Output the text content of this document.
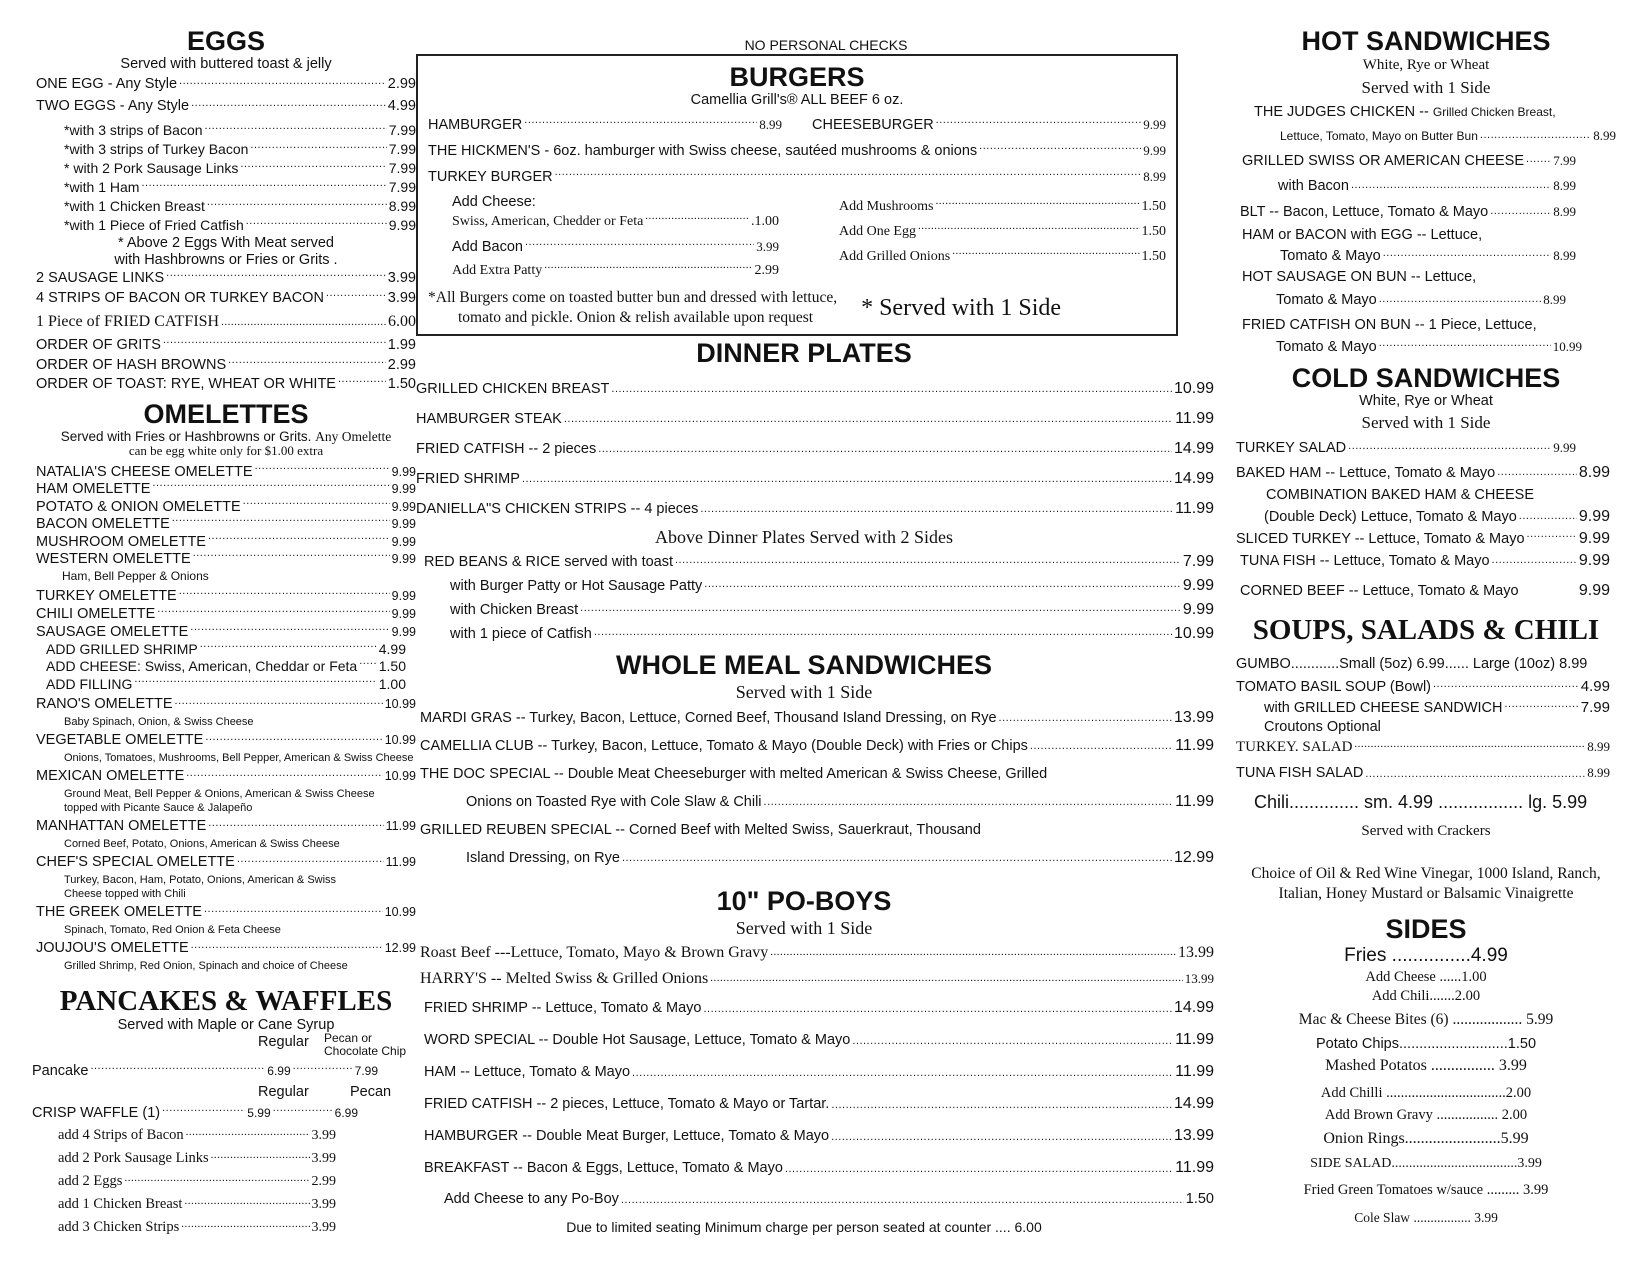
EGGS
Served with buttered toast & jelly
ONE EGG - Any Style .....	2.99
TWO EGGS - Any Style .....	4.99
*with 3 strips of Bacon .....	7.99
*with 3 strips of Turkey Bacon .....	7.99
* with 2 Pork Sausage Links .....	7.99
*with 1 Ham .....	7.99
*with 1 Chicken Breast .....	8.99
*with 1 Piece of Fried Catfish .....	9.99
* Above 2 Eggs With Meat served
with Hashbrowns or Fries or Grits .
2 SAUSAGE LINKS .....	3.99
4 STRIPS OF BACON OR TURKEY BACON .....	3.99
1 Piece of FRIED CATFISH .....	6.00
ORDER OF GRITS .....	1.99
ORDER OF HASH BROWNS .....	2.99
ORDER OF TOAST: RYE, WHEAT OR WHITE .....	1.50
OMELETTES
Served with Fries or Hashbrowns or Grits. Any Omelette
can be egg white only for $1.00 extra
NATALIA'S CHEESE OMELETTE .....	9.99
HAM OMELETTE .....	9.99
POTATO & ONION OMELETTE .....	9.99
BACON OMELETTE .....	9.99
MUSHROOM OMELETTE .....	9.99
WESTERN OMELETTE .....	9.99
Ham, Bell Pepper & Onions
TURKEY OMELETTE .....	9.99
CHILI OMELETTE .....	9.99
SAUSAGE OMELETTE .....	9.99
ADD GRILLED SHRIMP .....	4.99
ADD CHEESE: Swiss, American, Cheddar or Feta ..... 1.50
ADD FILLING .....	1.00
RANO'S OMELETTE .....	10.99
Baby Spinach, Onion, & Swiss Cheese
VEGETABLE OMELETTE .....	10.99
Onions, Tomatoes, Mushrooms, Bell Pepper, American & Swiss Cheese
MEXICAN OMELETTE .....	10.99
Ground Meat, Bell Pepper & Onions, American & Swiss Cheese
topped with Picante Sauce & Jalapeño
MANHATTAN OMELETTE .....	11.99
Corned Beef, Potato, Onions, American & Swiss Cheese
CHEF'S SPECIAL OMELETTE .....	11.99
Turkey, Bacon, Ham, Potato, Onions, American & Swiss
Cheese topped with Chili
THE GREEK OMELETTE .....	10.99
Spinach, Tomato, Red Onion & Feta Cheese
JOUJOU'S OMELETTE .....	12.99
Grilled Shrimp, Red Onion, Spinach and choice of Cheese
PANCAKES & WAFFLES
Served with Maple or Cane Syrup
Regular Pecan or
Chocolate Chip
Pancake .....	6.99 .....	7.99
Regular	Pecan
CRISP WAFFLE (1) .....	5.99 .....	6.99
add 4 Strips of Bacon .....	3.99
add 2 Pork Sausage Links .....	3.99
add 2 Eggs .....	2.99
add 1 Chicken Breast .....	3.99
add 3 Chicken Strips .....	3.99
NO PERSONAL CHECKS
BURGERS
Camellia Grill's® ALL BEEF 6 oz.
HAMBURGER .....	8.99 CHEESEBURGER .....	9.99
THE HICKMEN'S - 6oz. hamburger with Swiss cheese, sautéed mushrooms & onions .....	9.99
TURKEY BURGER .....	8.99
Add Cheese:
Swiss, American, Chedder or Feta .....	.1.00
Add Bacon .....	3.99
Add Extra Patty .....	2.99
Add Mushrooms .....	1.50
Add One Egg .....	1.50
Add Grilled Onions .....	1.50
*All Burgers come on toasted butter bun and dressed with lettuce,
tomato and pickle. Onion & relish available upon request	* Served with 1 Side
DINNER PLATES
GRILLED CHICKEN BREAST .....	10.99
HAMBURGER STEAK .....	11.99
FRIED CATFISH -- 2 pieces .....	14.99
FRIED SHRIMP .....	14.99
DANIELLA"S CHICKEN STRIPS -- 4 pieces .....	11.99
Above Dinner Plates Served with 2 Sides
RED BEANS & RICE served with toast .....	7.99
with Burger Patty or Hot Sausage Patty .....	9.99
with Chicken Breast .....	9.99
with 1 piece of Catfish .....	10.99
WHOLE MEAL SANDWICHES
Served with 1 Side
MARDI GRAS -- Turkey, Bacon, Lettuce, Corned Beef, Thousand Island Dressing, on Rye .....	13.99
CAMELLIA CLUB -- Turkey, Bacon, Lettuce, Tomato & Mayo (Double Deck) with Fries or Chips .....	11.99
THE DOC SPECIAL -- Double Meat Cheeseburger with melted American & Swiss Cheese, Grilled
Onions on Toasted Rye with Cole Slaw & Chili .....	11.99
GRILLED REUBEN SPECIAL -- Corned Beef with Melted Swiss, Sauerkraut, Thousand
Island Dressing, on Rye .....	12.99
10" PO-BOYS
Served with 1 Side
Roast Beef ---Lettuce, Tomato, Mayo & Brown Gravy .....	13.99
HARRY'S -- Melted Swiss & Grilled Onions .....	13.99
FRIED SHRIMP -- Lettuce, Tomato & Mayo .....	14.99
WORD SPECIAL -- Double Hot Sausage, Lettuce, Tomato & Mayo .....	11.99
HAM -- Lettuce, Tomato & Mayo .....	11.99
FRIED CATFISH -- 2 pieces, Lettuce, Tomato & Mayo or Tartar. .....	14.99
HAMBURGER -- Double Meat Burger, Lettuce, Tomato & Mayo .....	13.99
BREAKFAST -- Bacon & Eggs, Lettuce, Tomato & Mayo .....	11.99
Add Cheese to any Po-Boy .....	1.50
Due to limited seating Minimum charge per person seated at counter .... 6.00
HOT SANDWICHES
White, Rye or Wheat
Served with 1 Side
THE JUDGES CHICKEN -- Grilled Chicken Breast,
Lettuce, Tomato, Mayo on Butter Bun .....	8.99
GRILLED SWISS OR AMERICAN CHEESE ..... 7.99
with Bacon .....	8.99
BLT -- Bacon, Lettuce, Tomato & Mayo .....	8.99
HAM or BACON with EGG -- Lettuce,
Tomato & Mayo .....	8.99
HOT SAUSAGE ON BUN -- Lettuce,
Tomato & Mayo .....	8.99
FRIED CATFISH ON BUN -- 1 Piece, Lettuce,
Tomato & Mayo .....	10.99
COLD SANDWICHES
White, Rye or Wheat
Served with 1 Side
TURKEY SALAD .....	9.99
BAKED HAM -- Lettuce, Tomato & Mayo .....	8.99
COMBINATION BAKED HAM & CHEESE
(Double Deck) Lettuce, Tomato & Mayo .....	9.99
SLICED TURKEY -- Lettuce, Tomato & Mayo .....	9.99
TUNA FISH -- Lettuce, Tomato & Mayo .....	9.99
CORNED BEEF -- Lettuce, Tomato & Mayo .....	9.99
SOUPS, SALADS & CHILI
GUMBO............Small (5oz) 6.99...... Large (10oz) 8.99
TOMATO BASIL SOUP (Bowl) .....	4.99
with GRILLED CHEESE SANDWICH .....	7.99
Croutons Optional
TURKEY. SALAD .....	8.99
TUNA FISH SALAD .....	8.99
Chili.............. sm. 4.99 ................. lg. 5.99
Served with Crackers
Choice of Oil & Red Wine Vinegar, 1000 Island, Ranch,
Italian, Honey Mustard or Balsamic Vinaigrette
SIDES
Fries ...............4.99
Add Cheese ......1.00
Add Chili.......2.00
Mac & Cheese Bites (6) .................. 5.99
Potato Chips...........................1.50
Mashed Potatos ................ 3.99
Add Chilli .................................2.00
Add Brown Gravy ................. 2.00
Onion Rings........................5.99
SIDE SALAD....................................3.99
Fried Green Tomatoes w/sauce ......... 3.99
Cole Slaw ................. 3.99
